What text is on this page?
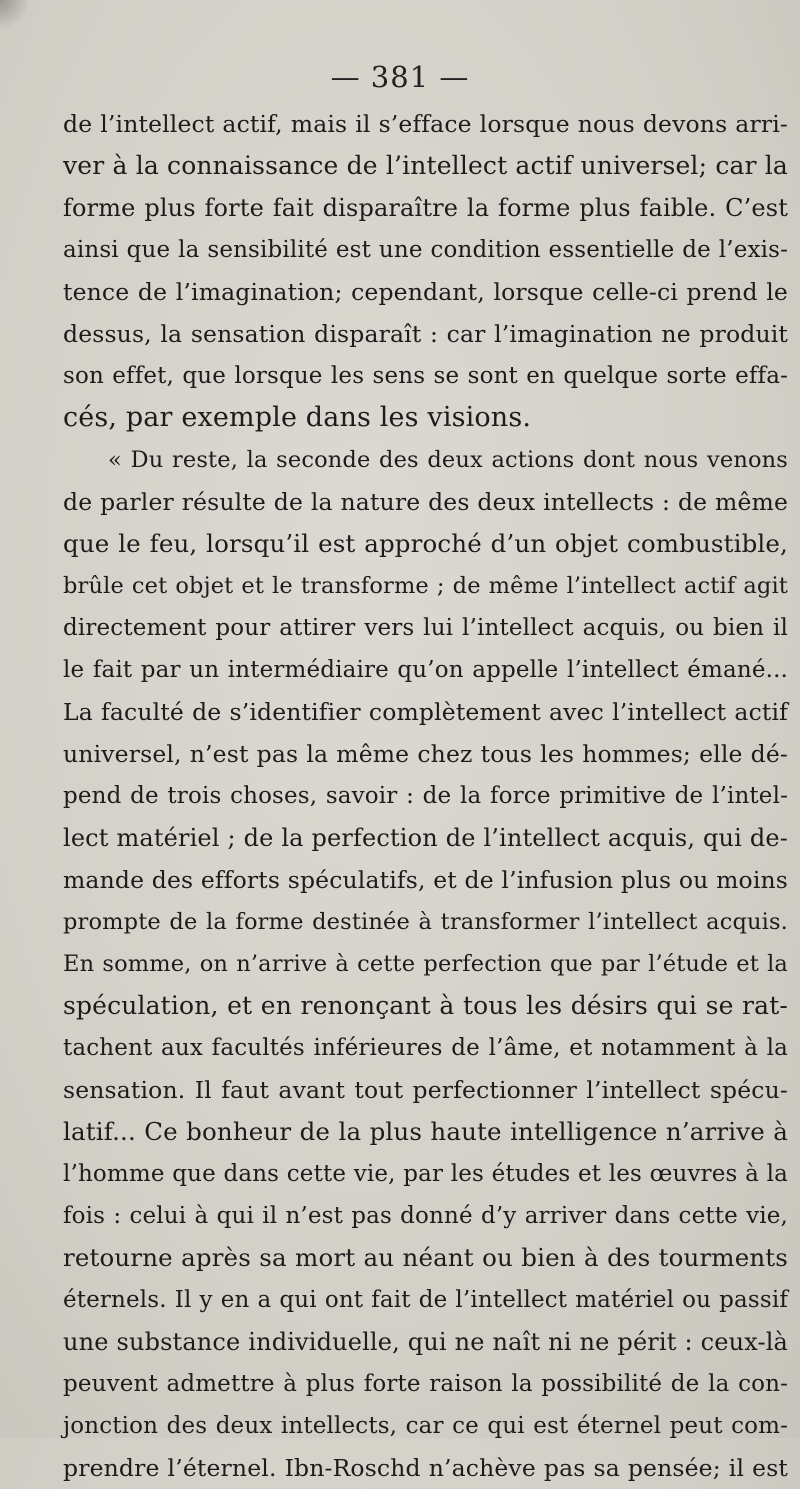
— 381 —
de l’intellect actif, mais il s’efface lorsque nous devons arri-
ver à la connaissance de l’intellect actif universel; car la
forme plus forte fait disparaître la forme plus faible. C’est
ainsi que la sensibilité est une condition essentielle de l’exis-
tence de l’imagination; cependant, lorsque celle-ci prend le
dessus, la sensation disparaît : car l’imagination ne produit
son effet, que lorsque les sens se sont en quelque sorte effa-
cés, par exemple dans les visions.
« Du reste, la seconde des deux actions dont nous venons
de parler résulte de la nature des deux intellects : de même
que le feu, lorsqu’il est approché d’un objet combustible,
brûle cet objet et le transforme ; de même l’intellect actif agit
directement pour attirer vers lui l’intellect acquis, ou bien il
le fait par un intermédiaire qu’on appelle l’intellect émané...
La faculté de s’identifier complètement avec l’intellect actif
universel, n’est pas la même chez tous les hommes; elle dé-
pend de trois choses, savoir : de la force primitive de l’intel-
lect matériel ; de la perfection de l’intellect acquis, qui de-
mande des efforts spéculatifs, et de l’infusion plus ou moins
prompte de la forme destinée à transformer l’intellect acquis.
En somme, on n’arrive à cette perfection que par l’étude et la
spéculation, et en renonçant à tous les désirs qui se rat-
tachent aux facultés inférieures de l’âme, et notamment à la
sensation. Il faut avant tout perfectionner l’intellect spécu-
latif... Ce bonheur de la plus haute intelligence n’arrive à
l’homme que dans cette vie, par les études et les œuvres à la
fois : celui à qui il n’est pas donné d’y arriver dans cette vie,
retourne après sa mort au néant ou bien à des tourments
éternels. Il y en a qui ont fait de l’intellect matériel ou passif
une substance individuelle, qui ne naît ni ne périt : ceux-là
peuvent admettre à plus forte raison la possibilité de la con-
jonction des deux intellects, car ce qui est éternel peut com-
prendre l’éternel. Ibn-Roschd n’achève pas sa pensée; il est
